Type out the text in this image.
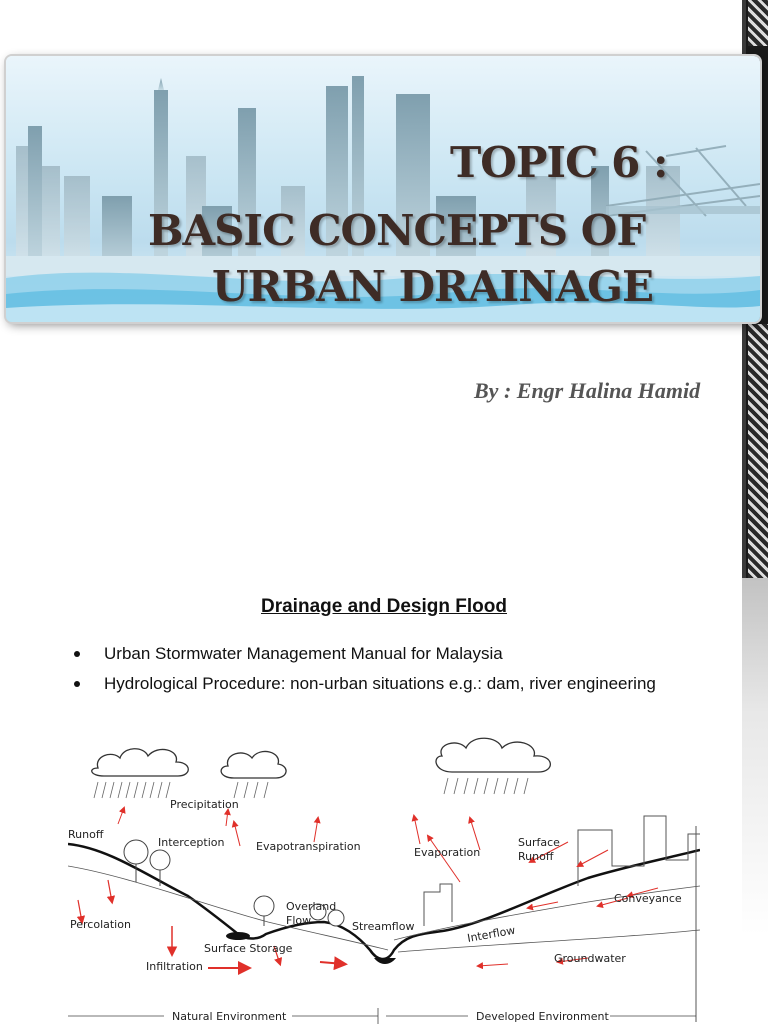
TOPIC 6 :
BASIC CONCEPTS OF
URBAN DRAINAGE
By : Engr Halina Hamid
Drainage and Design Flood
Urban Stormwater Management Manual for Malaysia
Hydrological Procedure: non-urban situations e.g.: dam, river engineering
Precipitation
Runoff
Interception	Evapotranspiration	Evaporation
Surface
Runoff
Overland
Flow	Streamflow
Conveyance
Percolation
Surface Storage
Interflow
Infiltration
Groundwater
Natural Environment	Developed Environment
